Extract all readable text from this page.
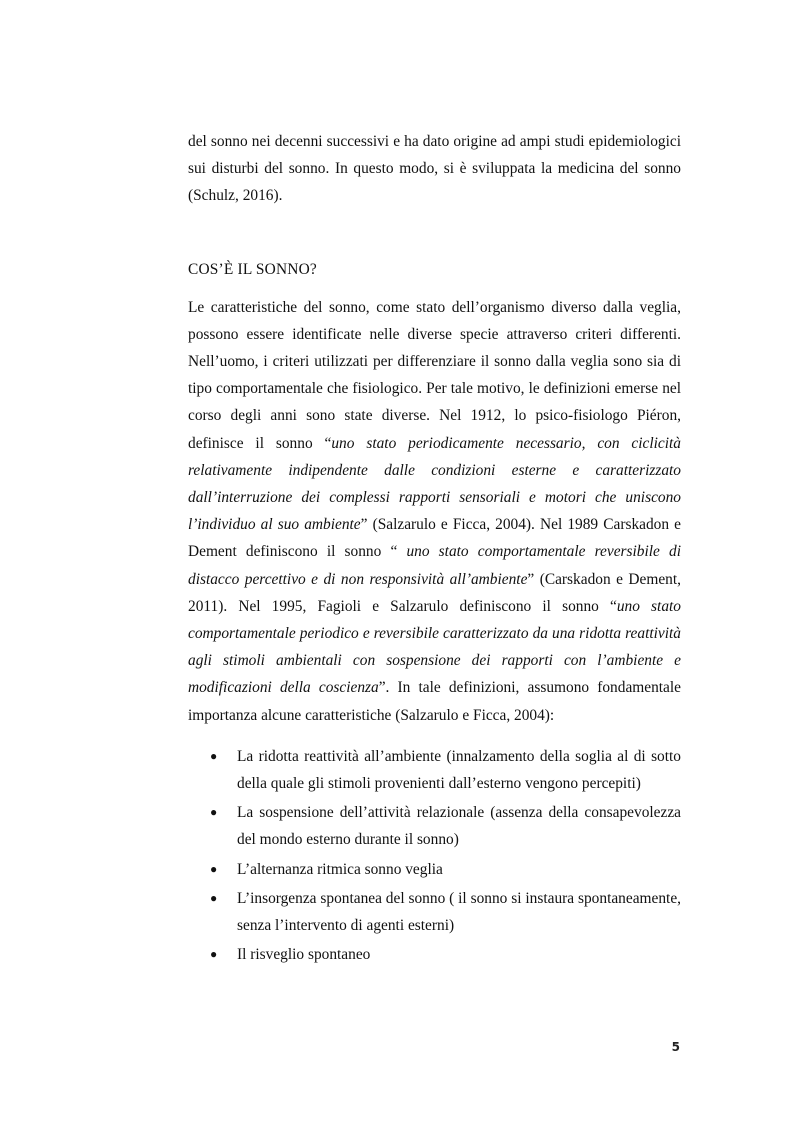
del sonno nei decenni successivi e ha dato origine ad ampi studi epidemiologici sui disturbi del sonno. In questo modo, si è sviluppata la medicina del sonno (Schulz, 2016).

COS’È IL SONNO?

Le caratteristiche del sonno, come stato dell’organismo diverso dalla veglia, possono essere identificate nelle diverse specie attraverso criteri differenti. Nell’uomo, i criteri utilizzati per differenziare il sonno dalla veglia sono sia di tipo comportamentale che fisiologico. Per tale motivo, le definizioni emerse nel corso degli anni sono state diverse. Nel 1912, lo psico-fisiologo Piéron, definisce il sonno “uno stato periodicamente necessario, con ciclicità relativamente indipendente dalle condizioni esterne e caratterizzato dall’interruzione dei complessi rapporti sensoriali e motori che uniscono l’individuo al suo ambiente” (Salzarulo e Ficca, 2004). Nel 1989 Carskadon e Dement definiscono il sonno “ uno stato comportamentale reversibile di distacco percettivo e di non responsività all’ambiente” (Carskadon e Dement, 2011). Nel 1995, Fagioli e Salzarulo definiscono il sonno “uno stato comportamentale periodico e reversibile caratterizzato da una ridotta reattività agli stimoli ambientali con sospensione dei rapporti con l’ambiente e modificazioni della coscienza”. In tale definizioni, assumono fondamentale importanza alcune caratteristiche (Salzarulo e Ficca, 2004):

● La ridotta reattività all’ambiente (innalzamento della soglia al di sotto della quale gli stimoli provenienti dall’esterno vengono percepiti)
● La sospensione dell’attività relazionale (assenza della consapevolezza del mondo esterno durante il sonno)
● L’alternanza ritmica sonno veglia
● L’insorgenza spontanea del sonno ( il sonno si instaura spontaneamente, senza l’intervento di agenti esterni)
● Il risveglio spontaneo
5
